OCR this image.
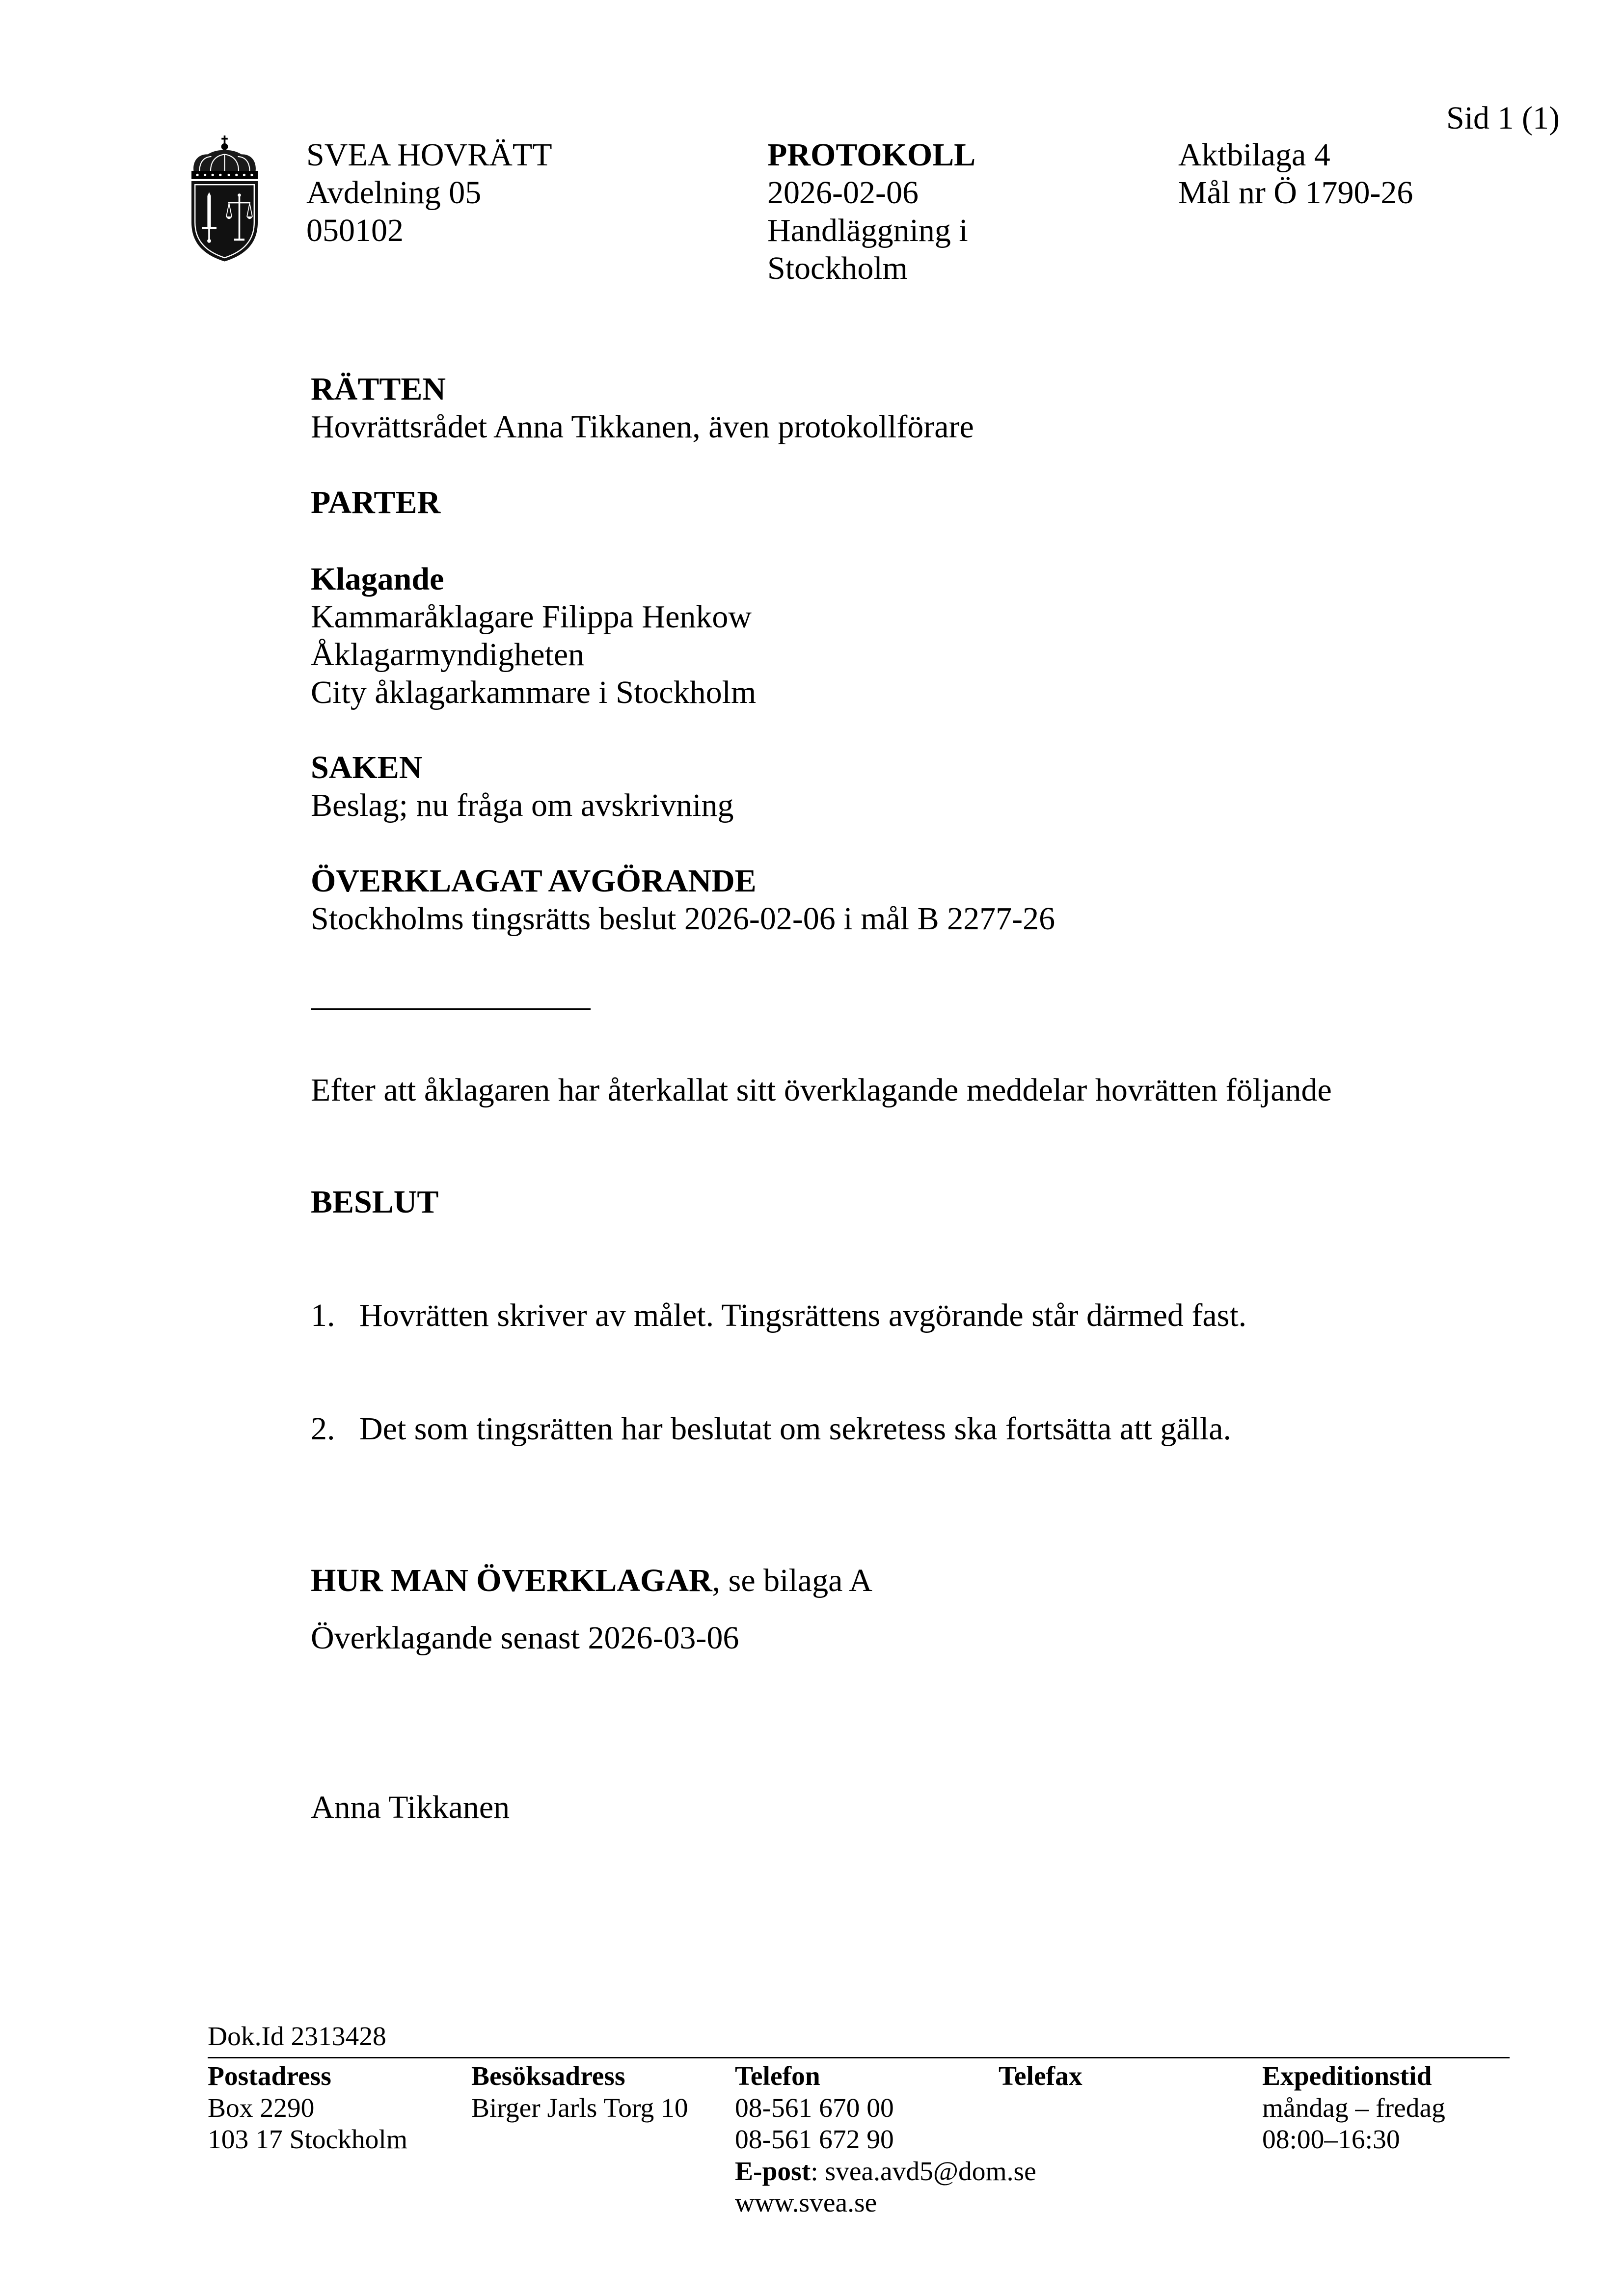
Sid 1 (1)
SVEA HOVRÄTT
Avdelning 05
050102
PROTOKOLL
2026-02-06
Handläggning i
Stockholm
Aktbilaga 4
Mål nr Ö 1790-26
RÄTTEN
Hovrättsrådet Anna Tikkanen, även protokollförare
PARTER
Klagande
Kammaråklagare Filippa Henkow
Åklagarmyndigheten
City åklagarkammare i Stockholm
SAKEN
Beslag; nu fråga om avskrivning
ÖVERKLAGAT AVGÖRANDE
Stockholms tingsrätts beslut 2026-02-06 i mål B 2277-26
Efter att åklagaren har återkallat sitt överklagande meddelar hovrätten följande
BESLUT
1. Hovrätten skriver av målet. Tingsrättens avgörande står därmed fast.
2. Det som tingsrätten har beslutat om sekretess ska fortsätta att gälla.
HUR MAN ÖVERKLAGAR, se bilaga A
Överklagande senast 2026-03-06
Anna Tikkanen
Dok.Id 2313428
Postadress
Box 2290
103 17 Stockholm
Besöksadress
Birger Jarls Torg 10
Telefon
08-561 670 00
08-561 672 90
E-post: svea.avd5@dom.se
www.svea.se
Telefax	Expeditionstid
måndag – fredag
08:00–16:30
